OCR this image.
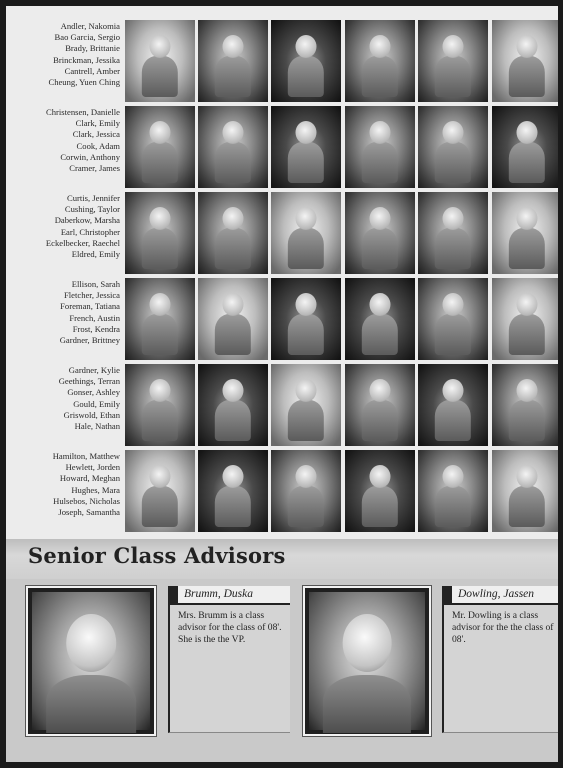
Andler, Nakomia
Bao Garcia, Sergio
Brady, Brittanie
Brinckman, Jessika
Cantrell, Amber
Cheung, Yuen Ching
Christensen, Danielle
Clark, Emily
Clark, Jessica
Cook, Adam
Corwin, Anthony
Cramer, James
Curtis, Jennifer
Cushing, Taylor
Daberkow, Marsha
Earl, Christopher
Eckelbecker, Raechel
Eldred, Emily
Ellison, Sarah
Fletcher, Jessica
Foreman, Tatiana
French, Austin
Frost, Kendra
Gardner, Brittney
Gardner, Kylie
Geethings, Terran
Gonser, Ashley
Gould, Emily
Griswold, Ethan
Hale, Nathan
Hamilton, Matthew
Hewlett, Jorden
Howard, Meghan
Hughes, Mara
Hulsebos, Nicholas
Joseph, Samantha
Senior Class Advisors
Brumm, Duska
Mrs. Brumm is a class advisor for the class of 08'. She is the the VP.
Dowling, Jassen
Mr. Dowling is a class advisor for the the class of 08'.
